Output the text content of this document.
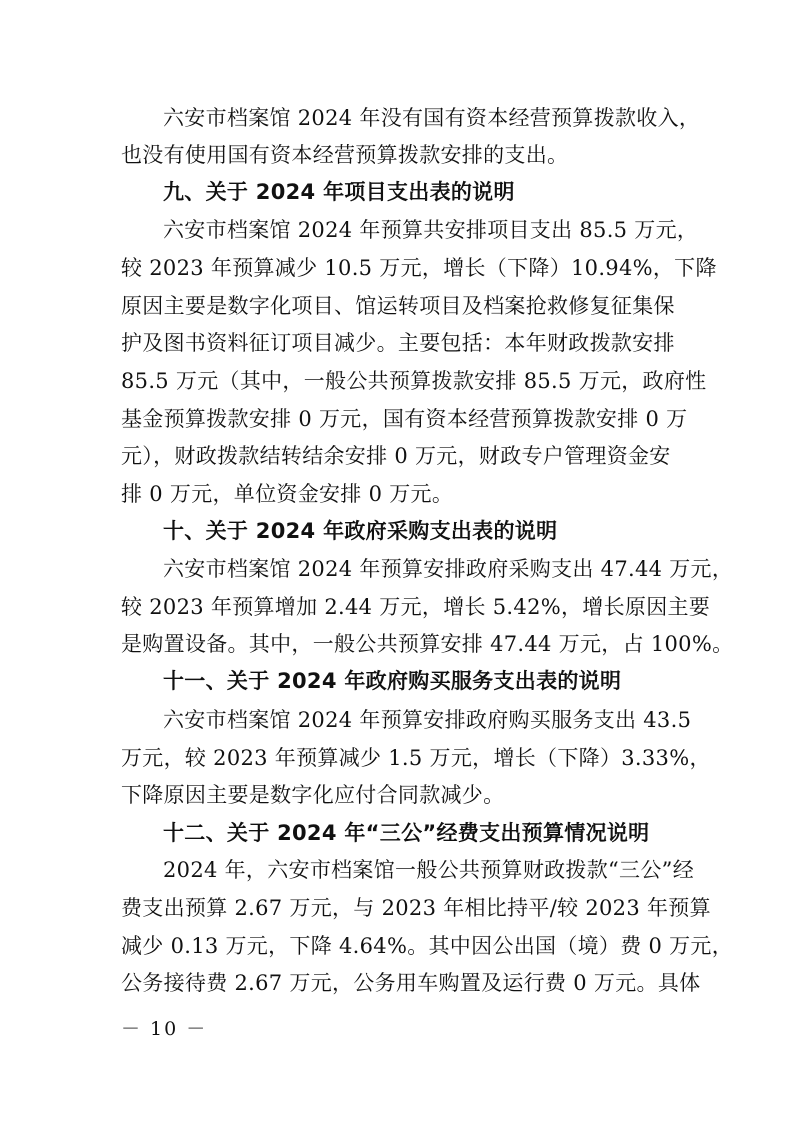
六安市档案馆 2024 年没有国有资本经营预算拨款收入，
也没有使用国有资本经营预算拨款安排的支出。
九、关于 2024 年项目支出表的说明
六安市档案馆 2024 年预算共安排项目支出 85.5 万元，
较 2023 年预算减少 10.5 万元，增长（下降）10.94%，下降
原因主要是数字化项目、馆运转项目及档案抢救修复征集保
护及图书资料征订项目减少。主要包括：本年财政拨款安排
85.5 万元（其中，一般公共预算拨款安排 85.5 万元，政府性
基金预算拨款安排 0 万元，国有资本经营预算拨款安排 0 万
元），财政拨款结转结余安排 0 万元，财政专户管理资金安
排 0 万元，单位资金安排 0 万元。
十、关于 2024 年政府采购支出表的说明
六安市档案馆 2024 年预算安排政府采购支出 47.44 万元，
较 2023 年预算增加 2.44 万元，增长 5.42%，增长原因主要
是购置设备。其中，一般公共预算安排 47.44 万元，占 100%。
十一、关于 2024 年政府购买服务支出表的说明
六安市档案馆 2024 年预算安排政府购买服务支出 43.5
万元，较 2023 年预算减少 1.5 万元，增长（下降）3.33%，
下降原因主要是数字化应付合同款减少。
十二、关于 2024 年“三公”经费支出预算情况说明
2024 年，六安市档案馆一般公共预算财政拨款“三公”经
费支出预算 2.67 万元，与 2023 年相比持平/较 2023 年预算
减少 0.13 万元，下降 4.64%。其中因公出国（境）费 0 万元，
公务接待费 2.67 万元，公务用车购置及运行费 0 万元。具体
－ 10 －
